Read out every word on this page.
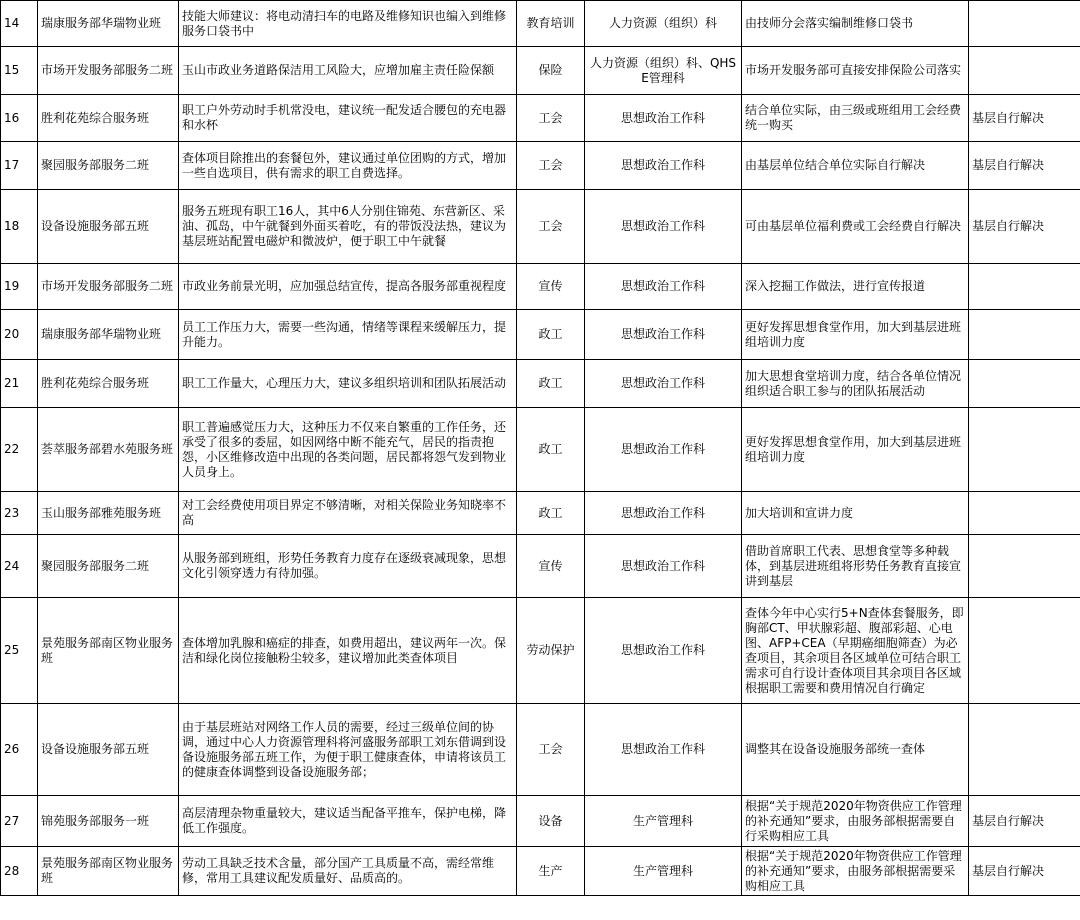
14	瑞康服务部华瑞物业班	技能大师建议：将电动清扫车的电路及维修知识也编入到维修服务口袋书中	教育培训	人力资源（组织）科	由技师分会落实编制维修口袋书	
15	市场开发服务部服务二班	玉山市政业务道路保洁用工风险大，应增加雇主责任险保额	保险	人力资源（组织）科、QHSE管理科	市场开发服务部可直接安排保险公司落实	
16	胜利花苑综合服务班	职工户外劳动时手机常没电，建议统一配发适合腰包的充电器和水杯	工会	思想政治工作科	结合单位实际，由三级或班组用工会经费统一购买	基层自行解决
17	聚园服务部服务二班	查体项目除推出的套餐包外，建议通过单位团购的方式，增加一些自选项目，供有需求的职工自费选择。	工会	思想政治工作科	由基层单位结合单位实际自行解决	基层自行解决
18	设备设施服务部五班	服务五班现有职工16人，其中6人分别住锦苑、东营新区、采油、孤岛，中午就餐到外面买着吃，有的带饭没法热，建议为基层班站配置电磁炉和微波炉，便于职工中午就餐	工会	思想政治工作科	可由基层单位福利费或工会经费自行解决	基层自行解决
19	市场开发服务部服务二班	市政业务前景光明，应加强总结宣传，提高各服务部重视程度	宣传	思想政治工作科	深入挖掘工作做法，进行宣传报道	
20	瑞康服务部华瑞物业班	员工工作压力大，需要一些沟通，情绪等课程来缓解压力，提升能力。	政工	思想政治工作科	更好发挥思想食堂作用，加大到基层进班组培训力度	
21	胜利花苑综合服务班	职工工作量大，心理压力大，建议多组织培训和团队拓展活动	政工	思想政治工作科	加大思想食堂培训力度，结合各单位情况组织适合职工参与的团队拓展活动	
22	荟萃服务部碧水苑服务班	职工普遍感觉压力大，这种压力不仅来自繁重的工作任务，还承受了很多的委屈，如因网络中断不能充气，居民的指责抱怨，小区维修改造中出现的各类问题，居民都将怨气发到物业人员身上。	政工	思想政治工作科	更好发挥思想食堂作用，加大到基层进班组培训力度	
23	玉山服务部雅苑服务班	对工会经费使用项目界定不够清晰，对相关保险业务知晓率不高	政工	思想政治工作科	加大培训和宣讲力度	
24	聚园服务部服务二班	从服务部到班组，形势任务教育力度存在逐级衰减现象，思想文化引领穿透力有待加强。	宣传	思想政治工作科	借助首席职工代表、思想食堂等多种载体，到基层进班组将形势任务教育直接宣讲到基层	
25	景苑服务部南区物业服务班	查体增加乳腺和癌症的排查，如费用超出，建议两年一次。保洁和绿化岗位接触粉尘较多，建议增加此类查体项目	劳动保护	思想政治工作科	查体今年中心实行5+N查体套餐服务，即胸部CT、甲状腺彩超、腹部彩超、心电图、AFP+CEA（早期癌细胞筛查）为必查项目，其余项目各区域单位可结合职工需求可自行设计查体项目其余项目各区域根据职工需要和费用情况自行确定	
26	设备设施服务部五班	由于基层班站对网络工作人员的需要，经过三级单位间的协调，通过中心人力资源管理科将河盛服务部职工刘东借调到设备设施服务部五班工作，为便于职工健康查体，申请将该员工的健康查体调整到设备设施服务部；	工会	思想政治工作科	调整其在设备设施服务部统一查体	
27	锦苑服务部服务一班	高层清理杂物重量较大，建议适当配备平推车，保护电梯，降低工作强度。	设备	生产管理科	根据“关于规范2020年物资供应工作管理的补充通知”要求，由服务部根据需要自行采购相应工具	基层自行解决
28	景苑服务部南区物业服务班	劳动工具缺乏技术含量，部分国产工具质量不高，需经常维修，常用工具建议配发质量好、品质高的。	生产	生产管理科	根据“关于规范2020年物资供应工作管理的补充通知”要求，由服务部根据需要采购相应工具	基层自行解决
